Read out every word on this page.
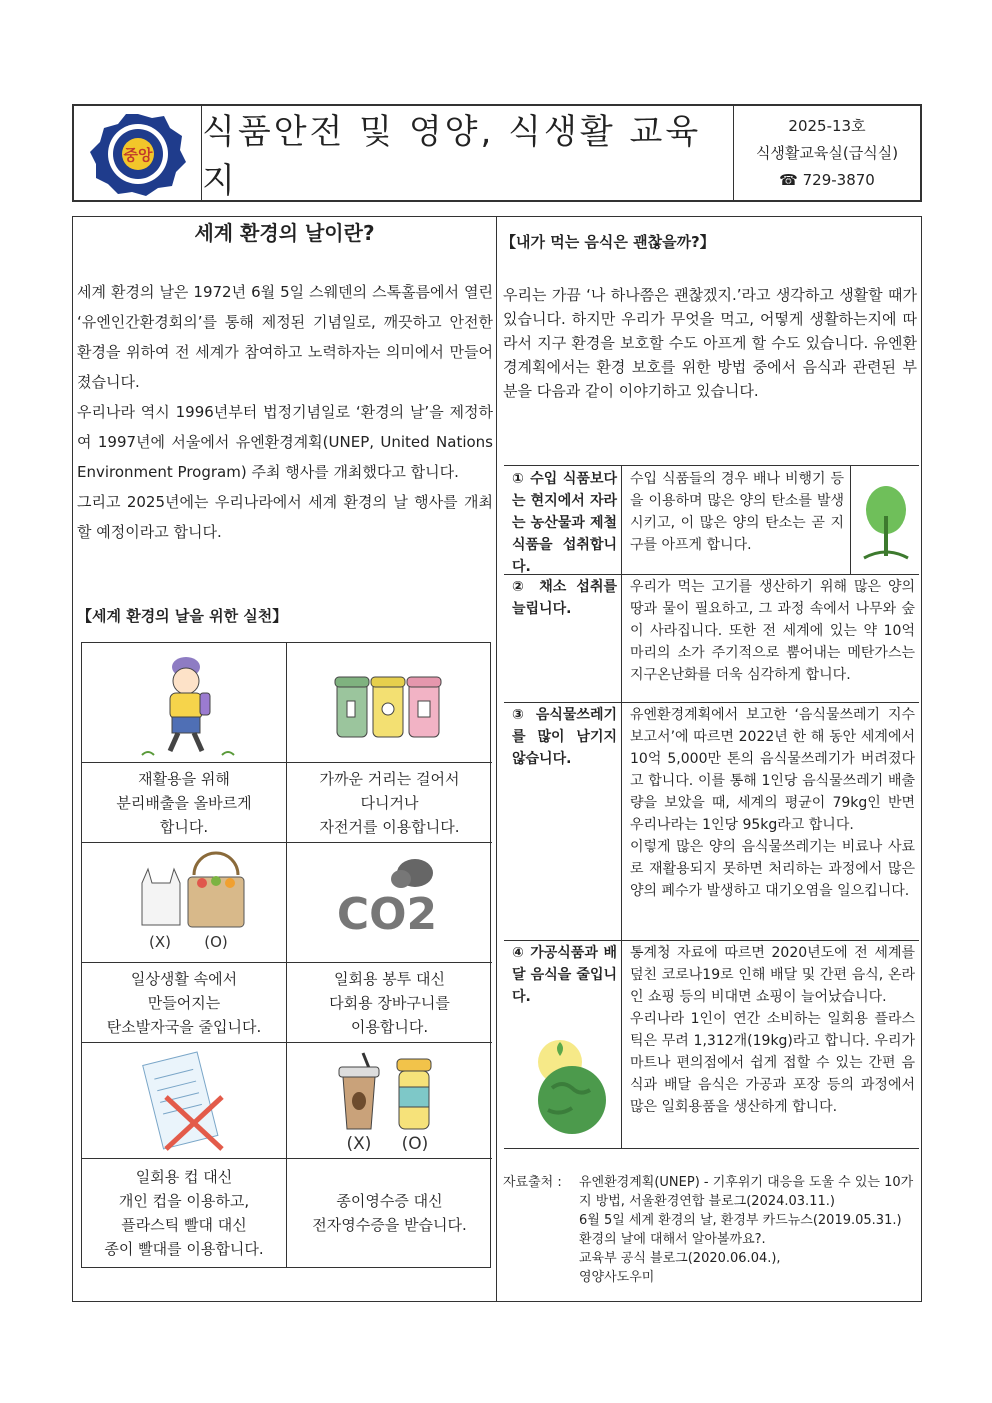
중앙
식품안전 및 영양, 식생활 교육지
2025-13호
식생활교육실(급식실)
☎ 729-3870
세계 환경의 날이란?

세계 환경의 날은 1972년 6월 5일 스웨덴의 스톡홀름에서 열린 ‘유엔인간환경회의’를 통해 제정된 기념일로, 깨끗하고 안전한 환경을 위하여 전 세계가 참여하고 노력하자는 의미에서 만들어졌습니다.

우리나라 역시 1996년부터 법정기념일로 ‘환경의 날’을 제정하여 1997년에 서울에서 유엔환경계획(UNEP, United Nations Environment Program) 주최 행사를 개최했다고 합니다.

그리고 2025년에는 우리나라에서 세계 환경의 날 행사를 개최할 예정이라고 합니다.

【세계 환경의 날을 위한 실천】
재활용을 위해
분리배출을 올바르게
합니다.
가까운 거리는 걸어서
다니거나
자전거를 이용합니다.
(X) (O)
CO2
일상생활 속에서
만들어지는
탄소발자국을 줄입니다.
일회용 봉투 대신
다회용 장바구니를
이용합니다.
(X) (O)
일회용 컵 대신
개인 컵을 이용하고,
플라스틱 빨대 대신
종이 빨대를 이용합니다.
종이영수증 대신
전자영수증을 받습니다.
【내가 먹는 음식은 괜찮을까?】

우리는 가끔 ‘나 하나쯤은 괜찮겠지.’라고 생각하고 생활할 때가 있습니다. 하지만 우리가 무엇을 먹고, 어떻게 생활하는지에 따라서 지구 환경을 보호할 수도 아프게 할 수도 있습니다. 유엔환경계획에서는 환경 보호를 위한 방법 중에서 음식과 관련된 부분을 다음과 같이 이야기하고 있습니다.

① 수입 식품보다는 현지에서 자라는 농산물과 제철식품을 섭취합니다.

수입 식품들의 경우 배나 비행기 등을 이용하며 많은 양의 탄소를 발생시키고, 이 많은 양의 탄소는 곧 지구를 아프게 합니다.

② 채소 섭취를 늘립니다.

우리가 먹는 고기를 생산하기 위해 많은 양의 땅과 물이 필요하고, 그 과정 속에서 나무와 숲이 사라집니다. 또한 전 세계에 있는 약 10억 마리의 소가 주기적으로 뿜어내는 메탄가스는 지구온난화를 더욱 심각하게 합니다.

③ 음식물쓰레기를 많이 남기지 않습니다.

유엔환경계획에서 보고한 ‘음식물쓰레기 지수 보고서’에 따르면 2022년 한 해 동안 세계에서 10억 5,000만 톤의 음식물쓰레기가 버려졌다고 합니다. 이를 통해 1인당 음식물쓰레기 배출량을 보았을 때, 세계의 평균이 79kg인 반면 우리나라는 1인당 95kg라고 합니다.

이렇게 많은 양의 음식물쓰레기는 비료나 사료로 재활용되지 못하면 처리하는 과정에서 많은 양의 폐수가 발생하고 대기오염을 일으킵니다.

④ 가공식품과 배달 음식을 줄입니다.

통계청 자료에 따르면 2020년도에 전 세계를 덮친 코로나19로 인해 배달 및 간편 음식, 온라인 쇼핑 등의 비대면 쇼핑이 늘어났습니다.

우리나라 1인이 연간 소비하는 일회용 플라스틱은 무려 1,312개(19kg)라고 합니다. 우리가 마트나 편의점에서 쉽게 접할 수 있는 간편 음식과 배달 음식은 가공과 포장 등의 과정에서 많은 일회용품을 생산하게 합니다.

자료출처 :	유엔환경계획(UNEP) - 기후위기 대응을 도울 수 있는 10가지 방법, 서울환경연합 블로그(2024.03.11.)
6월 5일 세계 환경의 날, 환경부 카드뉴스(2019.05.31.)
환경의 날에 대해서 알아볼까요?.
교육부 공식 블로그(2020.06.04.),
영양사도우미
